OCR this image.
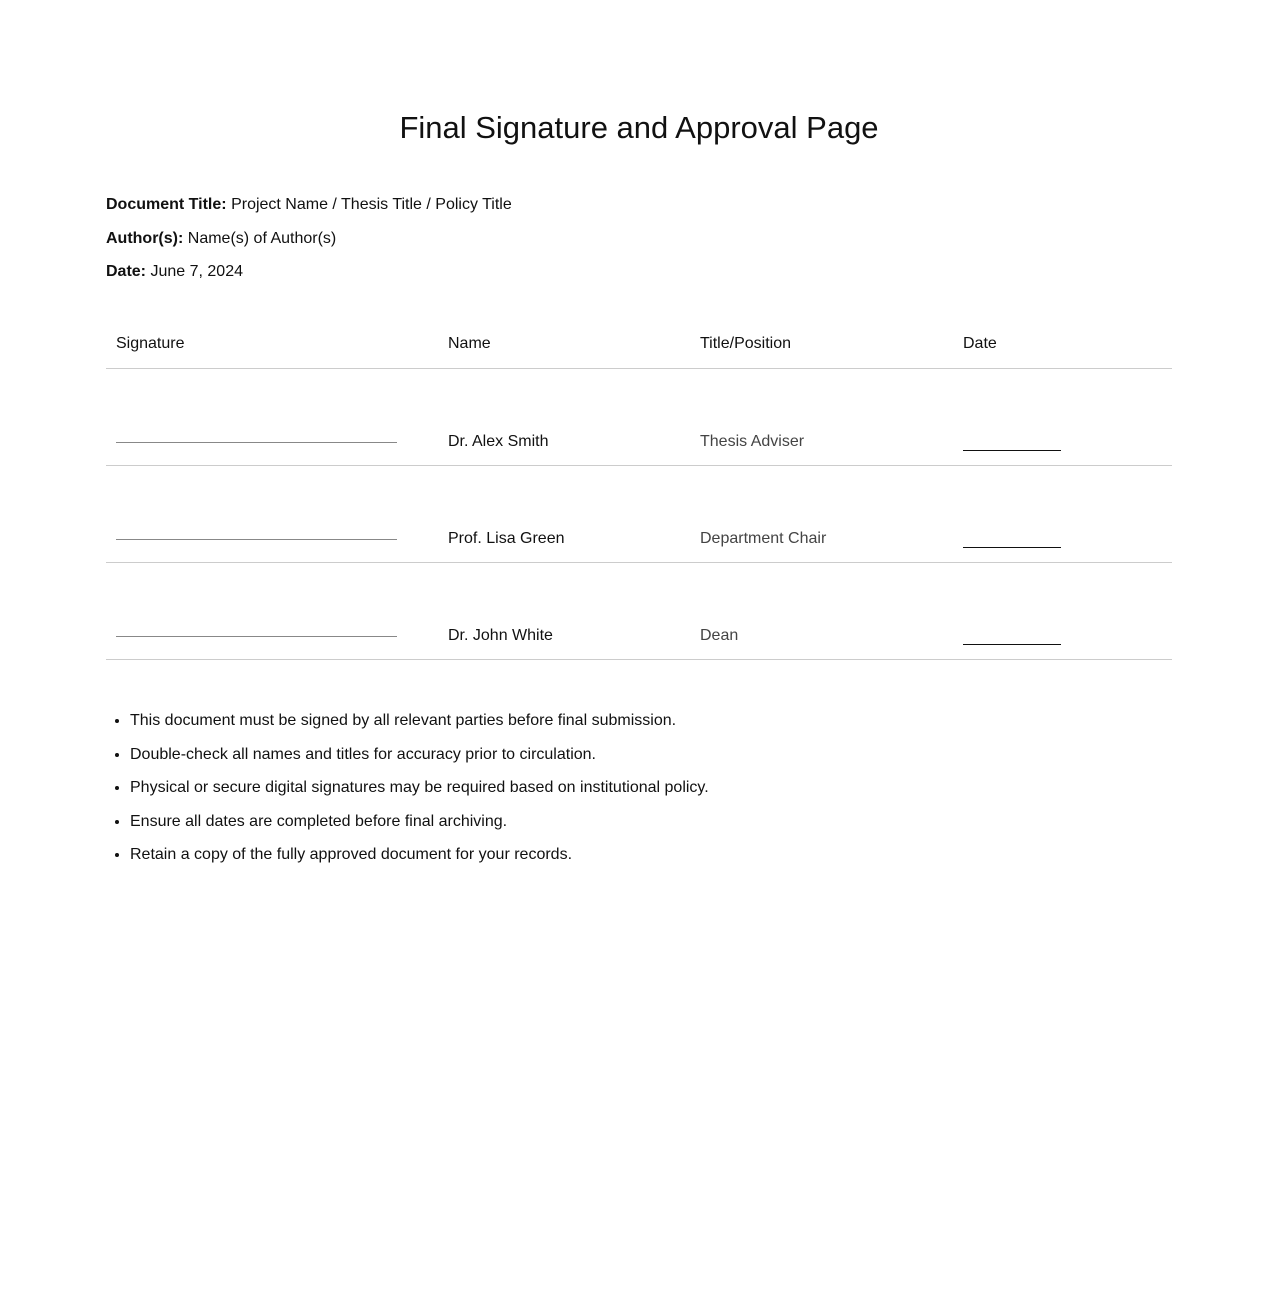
Final Signature and Approval Page
Document Title: Project Name / Thesis Title / Policy Title
Author(s): Name(s) of Author(s)
Date: June 7, 2024
Signature	Name	Title/Position	Date

	Dr. Alex Smith	Thesis Adviser	

	Prof. Lisa Green	Department Chair	

	Dr. John White	Dean	
• This document must be signed by all relevant parties before final submission.
• Double-check all names and titles for accuracy prior to circulation.
• Physical or secure digital signatures may be required based on institutional policy.
• Ensure all dates are completed before final archiving.
• Retain a copy of the fully approved document for your records.
